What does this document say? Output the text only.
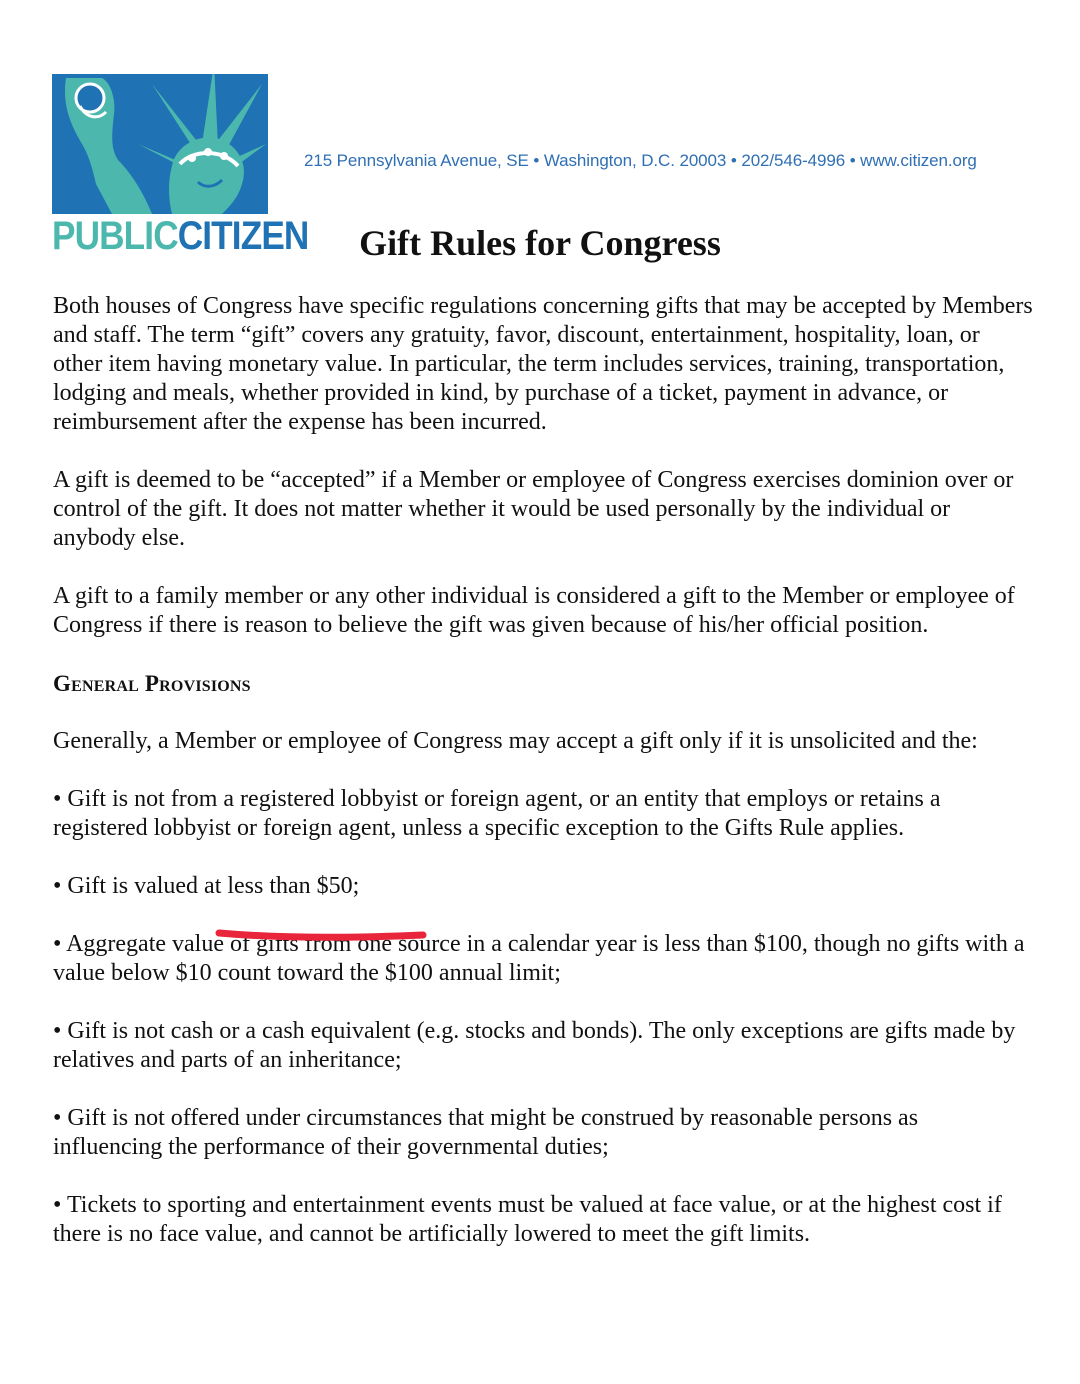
PUBLICCITIZEN
215 Pennsylvania Avenue, SE • Washington, D.C. 20003 • 202/546-4996 • www.citizen.org
Gift Rules for Congress

Both houses of Congress have specific regulations concerning gifts that may be accepted by Members and staff. The term “gift” covers any gratuity, favor, discount, entertainment, hospitality, loan, or other item having monetary value. In particular, the term includes services, training, transportation, lodging and meals, whether provided in kind, by purchase of a ticket, payment in advance, or reimbursement after the expense has been incurred.

A gift is deemed to be “accepted” if a Member or employee of Congress exercises dominion over or control of the gift. It does not matter whether it would be used personally by the individual or anybody else.

A gift to a family member or any other individual is considered a gift to the Member or employee of Congress if there is reason to believe the gift was given because of his/her official position.

General Provisions

Generally, a Member or employee of Congress may accept a gift only if it is unsolicited and the:

• Gift is not from a registered lobbyist or foreign agent, or an entity that employs or retains a registered lobbyist or foreign agent, unless a specific exception to the Gifts Rule applies.

• Gift is valued at less than $50;

• Aggregate value of gifts from one source in a calendar year is less than $100, though no gifts with a value below $10 count toward the $100 annual limit;

• Gift is not cash or a cash equivalent (e.g. stocks and bonds). The only exceptions are gifts made by relatives and parts of an inheritance;

• Gift is not offered under circumstances that might be construed by reasonable persons as influencing the performance of their governmental duties;

• Tickets to sporting and entertainment events must be valued at face value, or at the highest cost if there is no face value, and cannot be artificially lowered to meet the gift limits.
